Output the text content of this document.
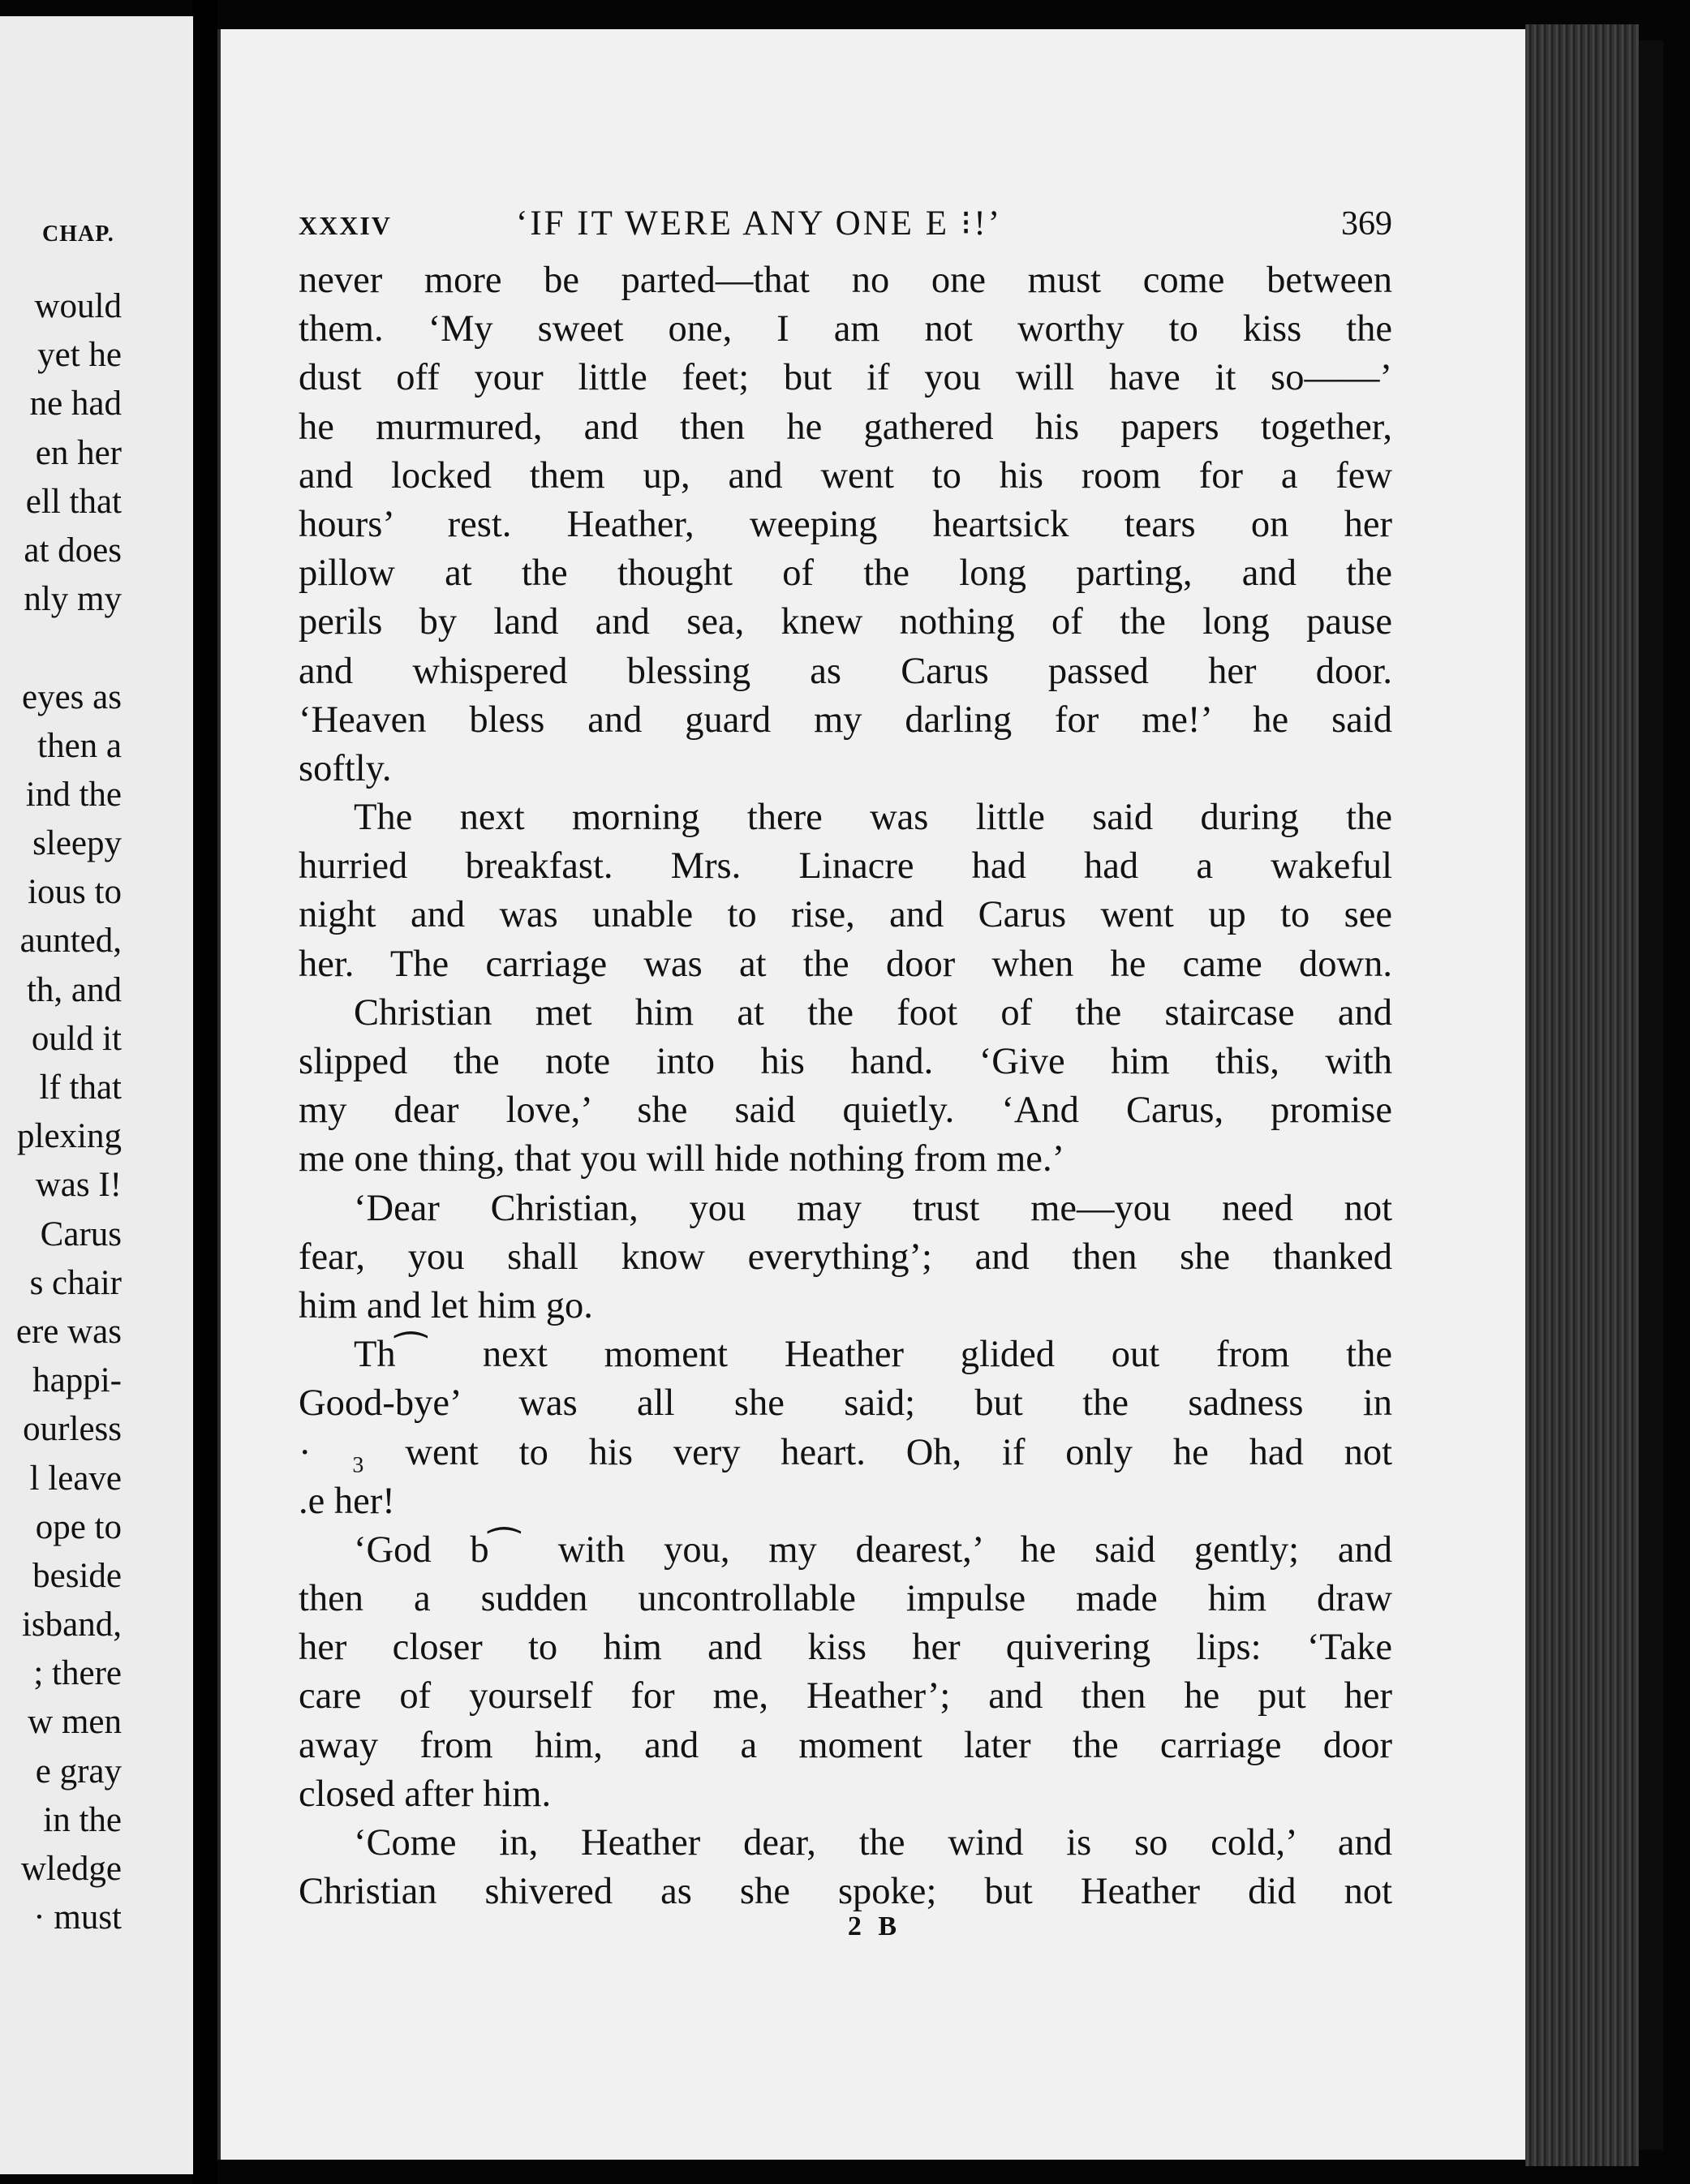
CHAP.
would
yet he
ne had
en her
ell that
at does
nly my
eyes as
then a
ind the
sleepy
ious to
aunted,
th, and
ould it
lf that
plexing
was I!
Carus
s chair
ere was
happi-
ourless
l leave
ope to
beside
isband,
; there
w men
e gray
in the
wledge
· must
XXXIV	‘IF IT WERE ANY ONE E ⁝!’	369
never more be parted—that no one must come between
them. ‘My sweet one, I am not worthy to kiss the
dust off your little feet; but if you will have it so——’
he murmured, and then he gathered his papers together,
and locked them up, and went to his room for a few
hours’ rest. Heather, weeping heartsick tears on her
pillow at the thought of the long parting, and the
perils by land and sea, knew nothing of the long pause
and whispered blessing as Carus passed her door.
‘Heaven bless and guard my darling for me!’ he said
softly.
The next morning there was little said during the
hurried breakfast. Mrs. Linacre had had a wakeful
night and was unable to rise, and Carus went up to see
her. The carriage was at the door when he came down.
Christian met him at the foot of the staircase and
slipped the note into his hand. ‘Give him this, with
my dear love,’ she said quietly. ‘And Carus, promise
me one thing, that you will hide nothing from me.’
‘Dear Christian, you may trust me—you need not
fear, you shall know everything’; and then she thanked
him and let him go.
Th⁀ next moment Heather glided out from the
Good-bye’ was all she said; but the sadness in
· ₃ went to his very heart. Oh, if only he had not
.e her!
‘God b⁀ with you, my dearest,’ he said gently; and
then a sudden uncontrollable impulse made him draw
her closer to him and kiss her quivering lips: ‘Take
care of yourself for me, Heather’; and then he put her
away from him, and a moment later the carriage door
closed after him.
‘Come in, Heather dear, the wind is so cold,’ and
Christian shivered as she spoke; but Heather did not
2 B
